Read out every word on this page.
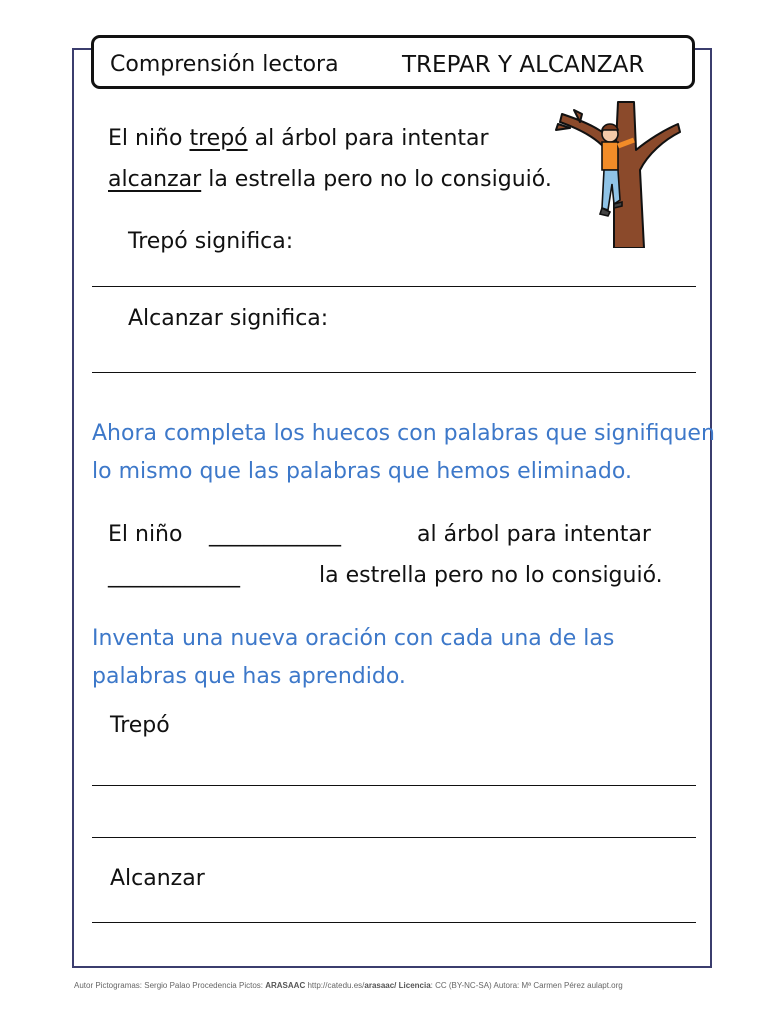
Comprensión lectora	TREPAR Y ALCANZAR
El niño trepó al árbol para intentar
alcanzar la estrella pero no lo consiguió.
Trepó significa:
Alcanzar significa:
Ahora completa los huecos con palabras que signifiquen
lo mismo que las palabras que hemos eliminado.
El niño ____________	al árbol para intentar
____________	la estrella pero no lo consiguió.
Inventa una nueva oración con cada una de las
palabras que has aprendido.
Trepó
Alcanzar
Autor Pictogramas: Sergio Palao Procedencia Pictos: ARASAAC http://catedu.es/arasaac/ Licencia: CC (BY-NC-SA) Autora: Mª Carmen Pérez aulapt.org
